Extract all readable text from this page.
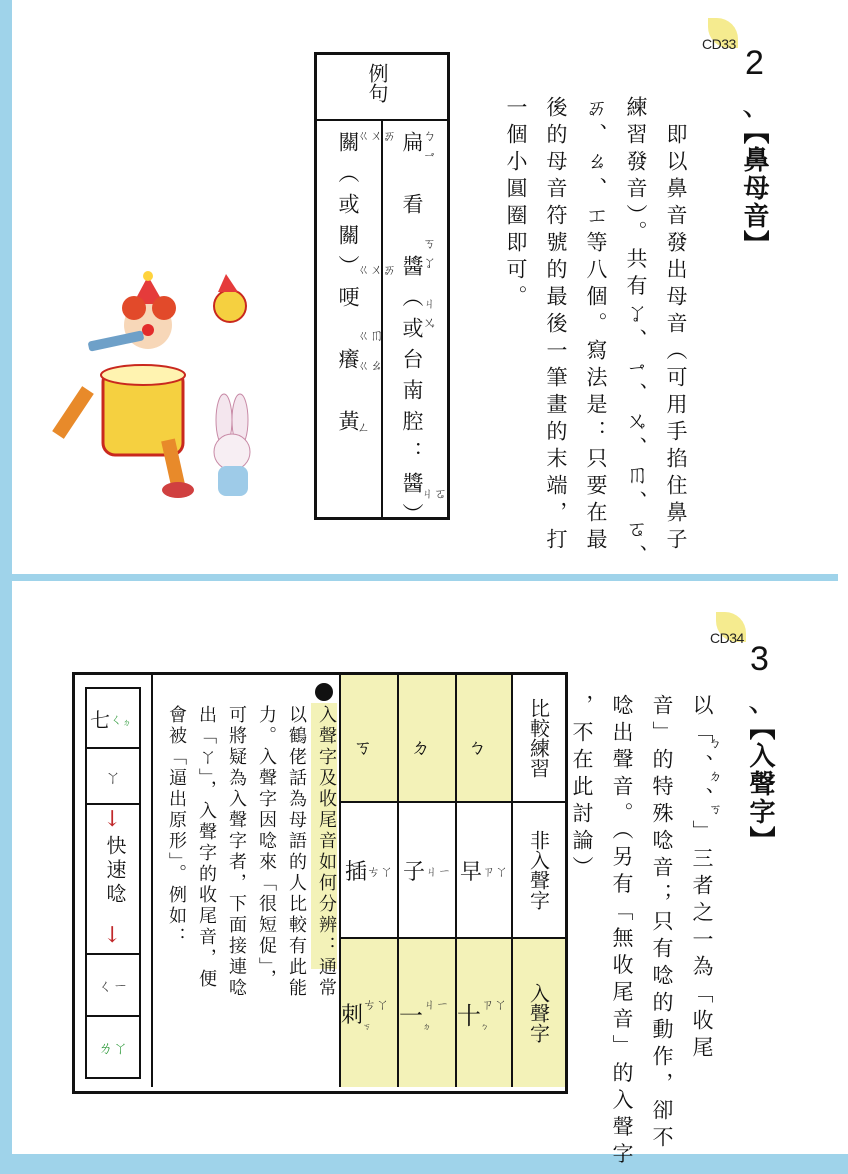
CD33 2
、
【鼻母音】
　即以鼻音發出母音（可用手掐住鼻子
練習發音）。共有ㆩ、ㆪ、ㆫ、ㆬ、ㆧ、
ㆮ、ㆯ、ㆲ等八個。寫法是：只要在最
後的母音符號的最後一筆畫的末端，打
一個小圓圈即可。
例句
扁　看　醬（或台南腔：醬）
關（或關）哽　癢　黃	ㄅㆪ
ㄎㆩ
ㄐㆫ
ㄐㆧ
ㄍㄨㆮ
ㄍㄨㆮ
ㄍㆬ
ㄍㆯ
ㄥ
CD34
3
、
【入聲字】
以「ㆴ、ㆵ、ㆶ」三者之一為「收尾
音」的特殊唸音；只有唸的動作，卻不
唸出聲音。（另有「無收尾音」的入聲字
，不在此討論）
比較練習
非入聲字
入聲字
ㆴ
ㆵ
ㆶ
早 ㄗㄚ
子 ㄐㄧ
插 ㄘㄚ
十 ㄗㄚㆴ
一 ㄐㄧㆵ
刺 ㄘㄚㆶ
入聲字及收尾音如何分辨：通常
以鶴佬話為母語的人比較有此能
力。入聲字因唸來「很短促」，
可將疑為入聲字者，下面接連唸
出「ㄚ」，入聲字的收尾音，便
會被「逼出原形」。例如：
七 ㄑㆵ
ㄚ
↓
快速唸
↓
ㄑㄧ
ㄌㄚ
